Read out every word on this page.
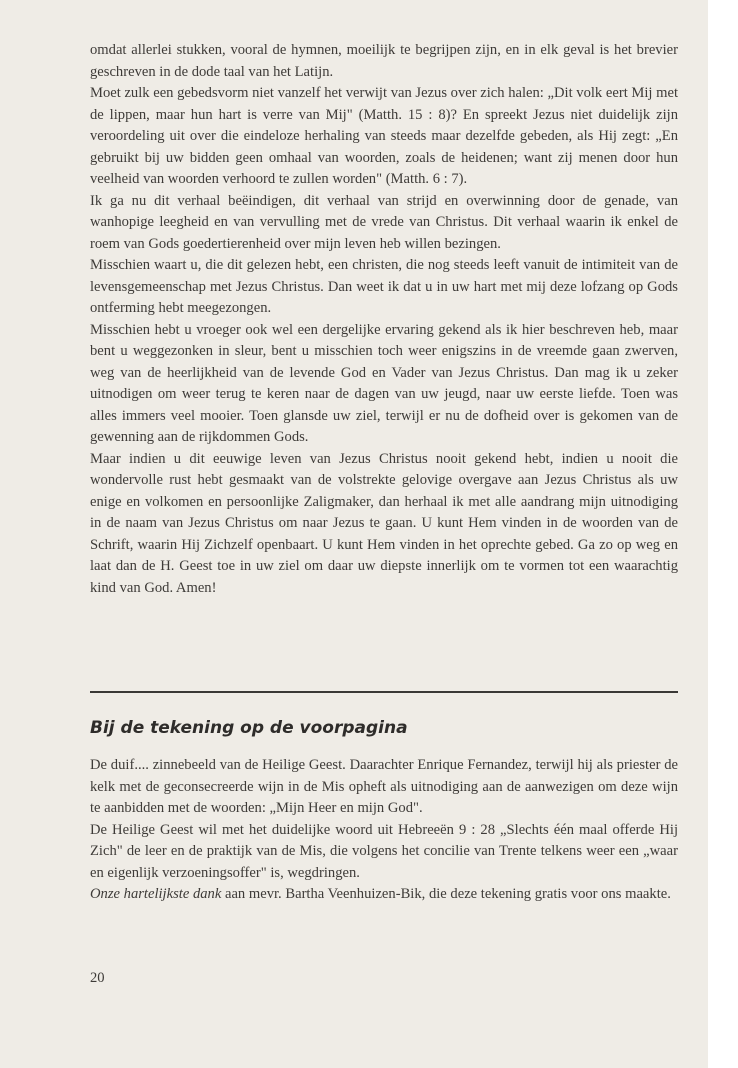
omdat allerlei stukken, vooral de hymnen, moeilijk te begrijpen zijn, en in elk geval is het brevier geschreven in de dode taal van het Latijn.

Moet zulk een gebedsvorm niet vanzelf het verwijt van Jezus over zich halen: „Dit volk eert Mij met de lippen, maar hun hart is verre van Mij" (Matth. 15 : 8)? En spreekt Jezus niet duidelijk zijn veroordeling uit over die eindeloze herhaling van steeds maar dezelfde gebeden, als Hij zegt: „En gebruikt bij uw bidden geen omhaal van woorden, zoals de heidenen; want zij menen door hun veelheid van woorden verhoord te zullen worden" (Matth. 6 : 7).

Ik ga nu dit verhaal beëindigen, dit verhaal van strijd en overwinning door de genade, van wanhopige leegheid en van vervulling met de vrede van Christus. Dit verhaal waarin ik enkel de roem van Gods goedertierenheid over mijn leven heb willen bezingen.

Misschien waart u, die dit gelezen hebt, een christen, die nog steeds leeft vanuit de intimiteit van de levensgemeenschap met Jezus Christus. Dan weet ik dat u in uw hart met mij deze lofzang op Gods ontferming hebt meegezongen.

Misschien hebt u vroeger ook wel een dergelijke ervaring gekend als ik hier beschreven heb, maar bent u weggezonken in sleur, bent u misschien toch weer enigszins in de vreemde gaan zwerven, weg van de heerlijkheid van de levende God en Vader van Jezus Christus. Dan mag ik u zeker uitnodigen om weer terug te keren naar de dagen van uw jeugd, naar uw eerste liefde. Toen was alles immers veel mooier. Toen glansde uw ziel, terwijl er nu de dofheid over is gekomen van de gewenning aan de rijkdommen Gods.

Maar indien u dit eeuwige leven van Jezus Christus nooit gekend hebt, indien u nooit die wondervolle rust hebt gesmaakt van de volstrekte gelovige overgave aan Jezus Christus als uw enige en volkomen en persoonlijke Zaligmaker, dan herhaal ik met alle aandrang mijn uitnodiging in de naam van Jezus Christus om naar Jezus te gaan. U kunt Hem vinden in de woorden van de Schrift, waarin Hij Zichzelf openbaart. U kunt Hem vinden in het oprechte gebed. Ga zo op weg en laat dan de H. Geest toe in uw ziel om daar uw diepste innerlijk om te vormen tot een waarachtig kind van God. Amen!

Bij de tekening op de voorpagina

De duif.... zinnebeeld van de Heilige Geest. Daarachter Enrique Fernandez, terwijl hij als priester de kelk met de geconsecreerde wijn in de Mis opheft als uitnodiging aan de aanwezigen om deze wijn te aanbidden met de woorden: „Mijn Heer en mijn God".

De Heilige Geest wil met het duidelijke woord uit Hebreeën 9 : 28 „Slechts één maal offerde Hij Zich" de leer en de praktijk van de Mis, die volgens het concilie van Trente telkens weer een „waar en eigenlijk verzoeningsoffer" is, wegdringen.

Onze hartelijkste dank aan mevr. Bartha Veenhuizen-Bik, die deze tekening gratis voor ons maakte.

20
